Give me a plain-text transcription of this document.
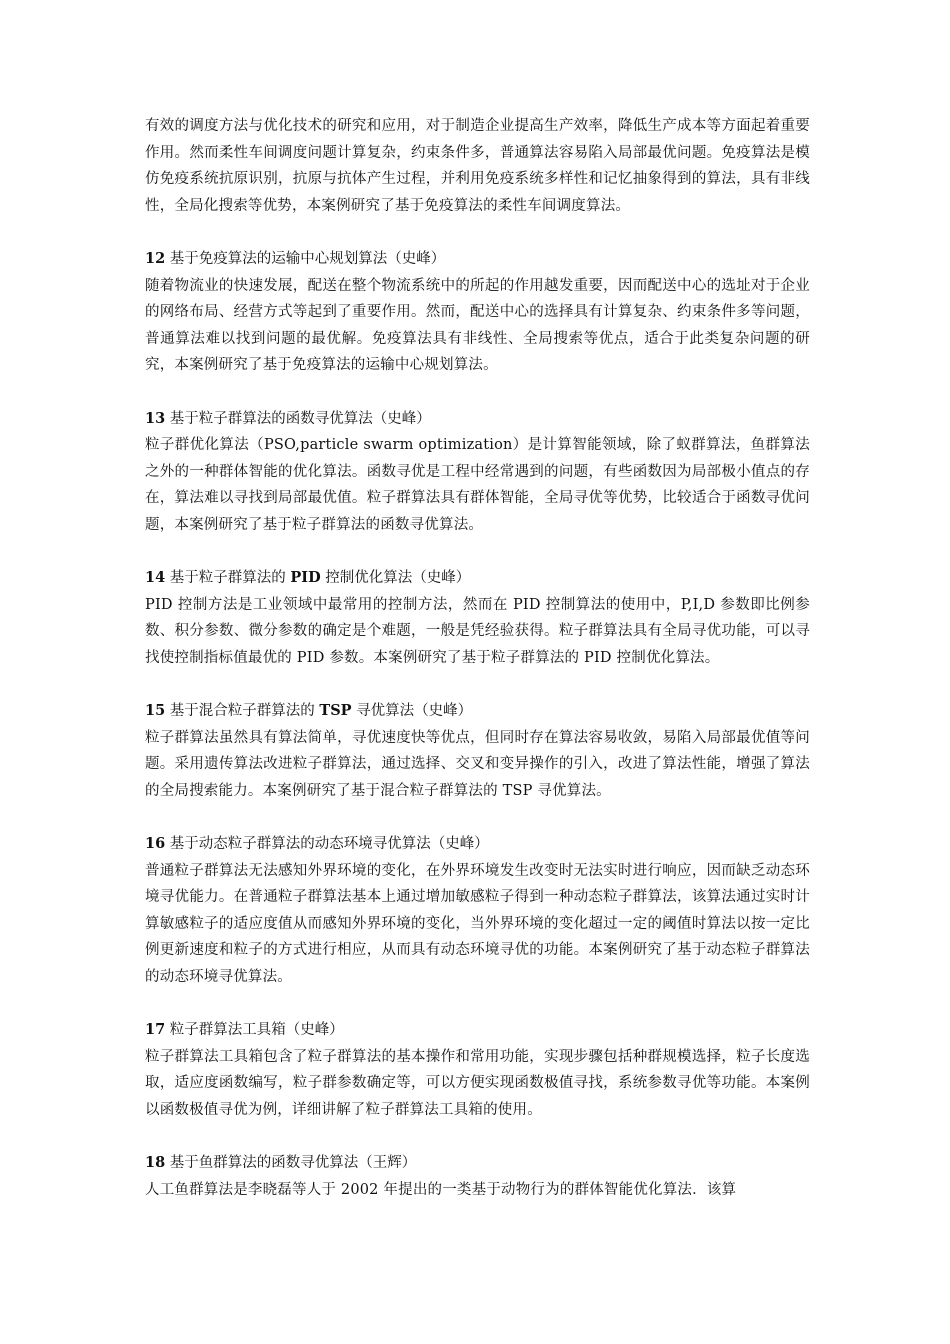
有效的调度方法与优化技术的研究和应用，对于制造企业提高生产效率，降低生产成本等方面起着重要作用。然而柔性车间调度问题计算复杂，约束条件多，普通算法容易陷入局部最优问题。免疫算法是模仿免疫系统抗原识别，抗原与抗体产生过程，并利用免疫系统多样性和记忆抽象得到的算法，具有非线性，全局化搜索等优势，本案例研究了基于免疫算法的柔性车间调度算法。

12 基于免疫算法的运输中心规划算法（史峰）

随着物流业的快速发展，配送在整个物流系统中的所起的作用越发重要，因而配送中心的选址对于企业的网络布局、经营方式等起到了重要作用。然而，配送中心的选择具有计算复杂、约束条件多等问题，普通算法难以找到问题的最优解。免疫算法具有非线性、全局搜索等优点，适合于此类复杂问题的研究，本案例研究了基于免疫算法的运输中心规划算法。

13 基于粒子群算法的函数寻优算法（史峰）

粒子群优化算法（PSO,particle swarm optimization）是计算智能领域，除了蚁群算法，鱼群算法之外的一种群体智能的优化算法。函数寻优是工程中经常遇到的问题，有些函数因为局部极小值点的存在，算法难以寻找到局部最优值。粒子群算法具有群体智能，全局寻优等优势，比较适合于函数寻优问题，本案例研究了基于粒子群算法的函数寻优算法。

14 基于粒子群算法的 PID 控制优化算法（史峰）

PID 控制方法是工业领域中最常用的控制方法，然而在 PID 控制算法的使用中，P,I,D 参数即比例参数、积分参数、微分参数的确定是个难题，一般是凭经验获得。粒子群算法具有全局寻优功能，可以寻找使控制指标值最优的 PID 参数。本案例研究了基于粒子群算法的 PID 控制优化算法。

15 基于混合粒子群算法的 TSP 寻优算法（史峰）

粒子群算法虽然具有算法简单，寻优速度快等优点，但同时存在算法容易收敛，易陷入局部最优值等问题。采用遗传算法改进粒子群算法，通过选择、交叉和变异操作的引入，改进了算法性能，增强了算法的全局搜索能力。本案例研究了基于混合粒子群算法的 TSP 寻优算法。

16 基于动态粒子群算法的动态环境寻优算法（史峰）

普通粒子群算法无法感知外界环境的变化，在外界环境发生改变时无法实时进行响应，因而缺乏动态环境寻优能力。在普通粒子群算法基本上通过增加敏感粒子得到一种动态粒子群算法，该算法通过实时计算敏感粒子的适应度值从而感知外界环境的变化，当外界环境的变化超过一定的阈值时算法以按一定比例更新速度和粒子的方式进行相应，从而具有动态环境寻优的功能。本案例研究了基于动态粒子群算法的动态环境寻优算法。

17 粒子群算法工具箱（史峰）

粒子群算法工具箱包含了粒子群算法的基本操作和常用功能，实现步骤包括种群规模选择，粒子长度选取，适应度函数编写，粒子群参数确定等，可以方便实现函数极值寻找，系统参数寻优等功能。本案例以函数极值寻优为例，详细讲解了粒子群算法工具箱的使用。

18 基于鱼群算法的函数寻优算法（王辉）

人工鱼群算法是李晓磊等人于 2002 年提出的一类基于动物行为的群体智能优化算法．该算
